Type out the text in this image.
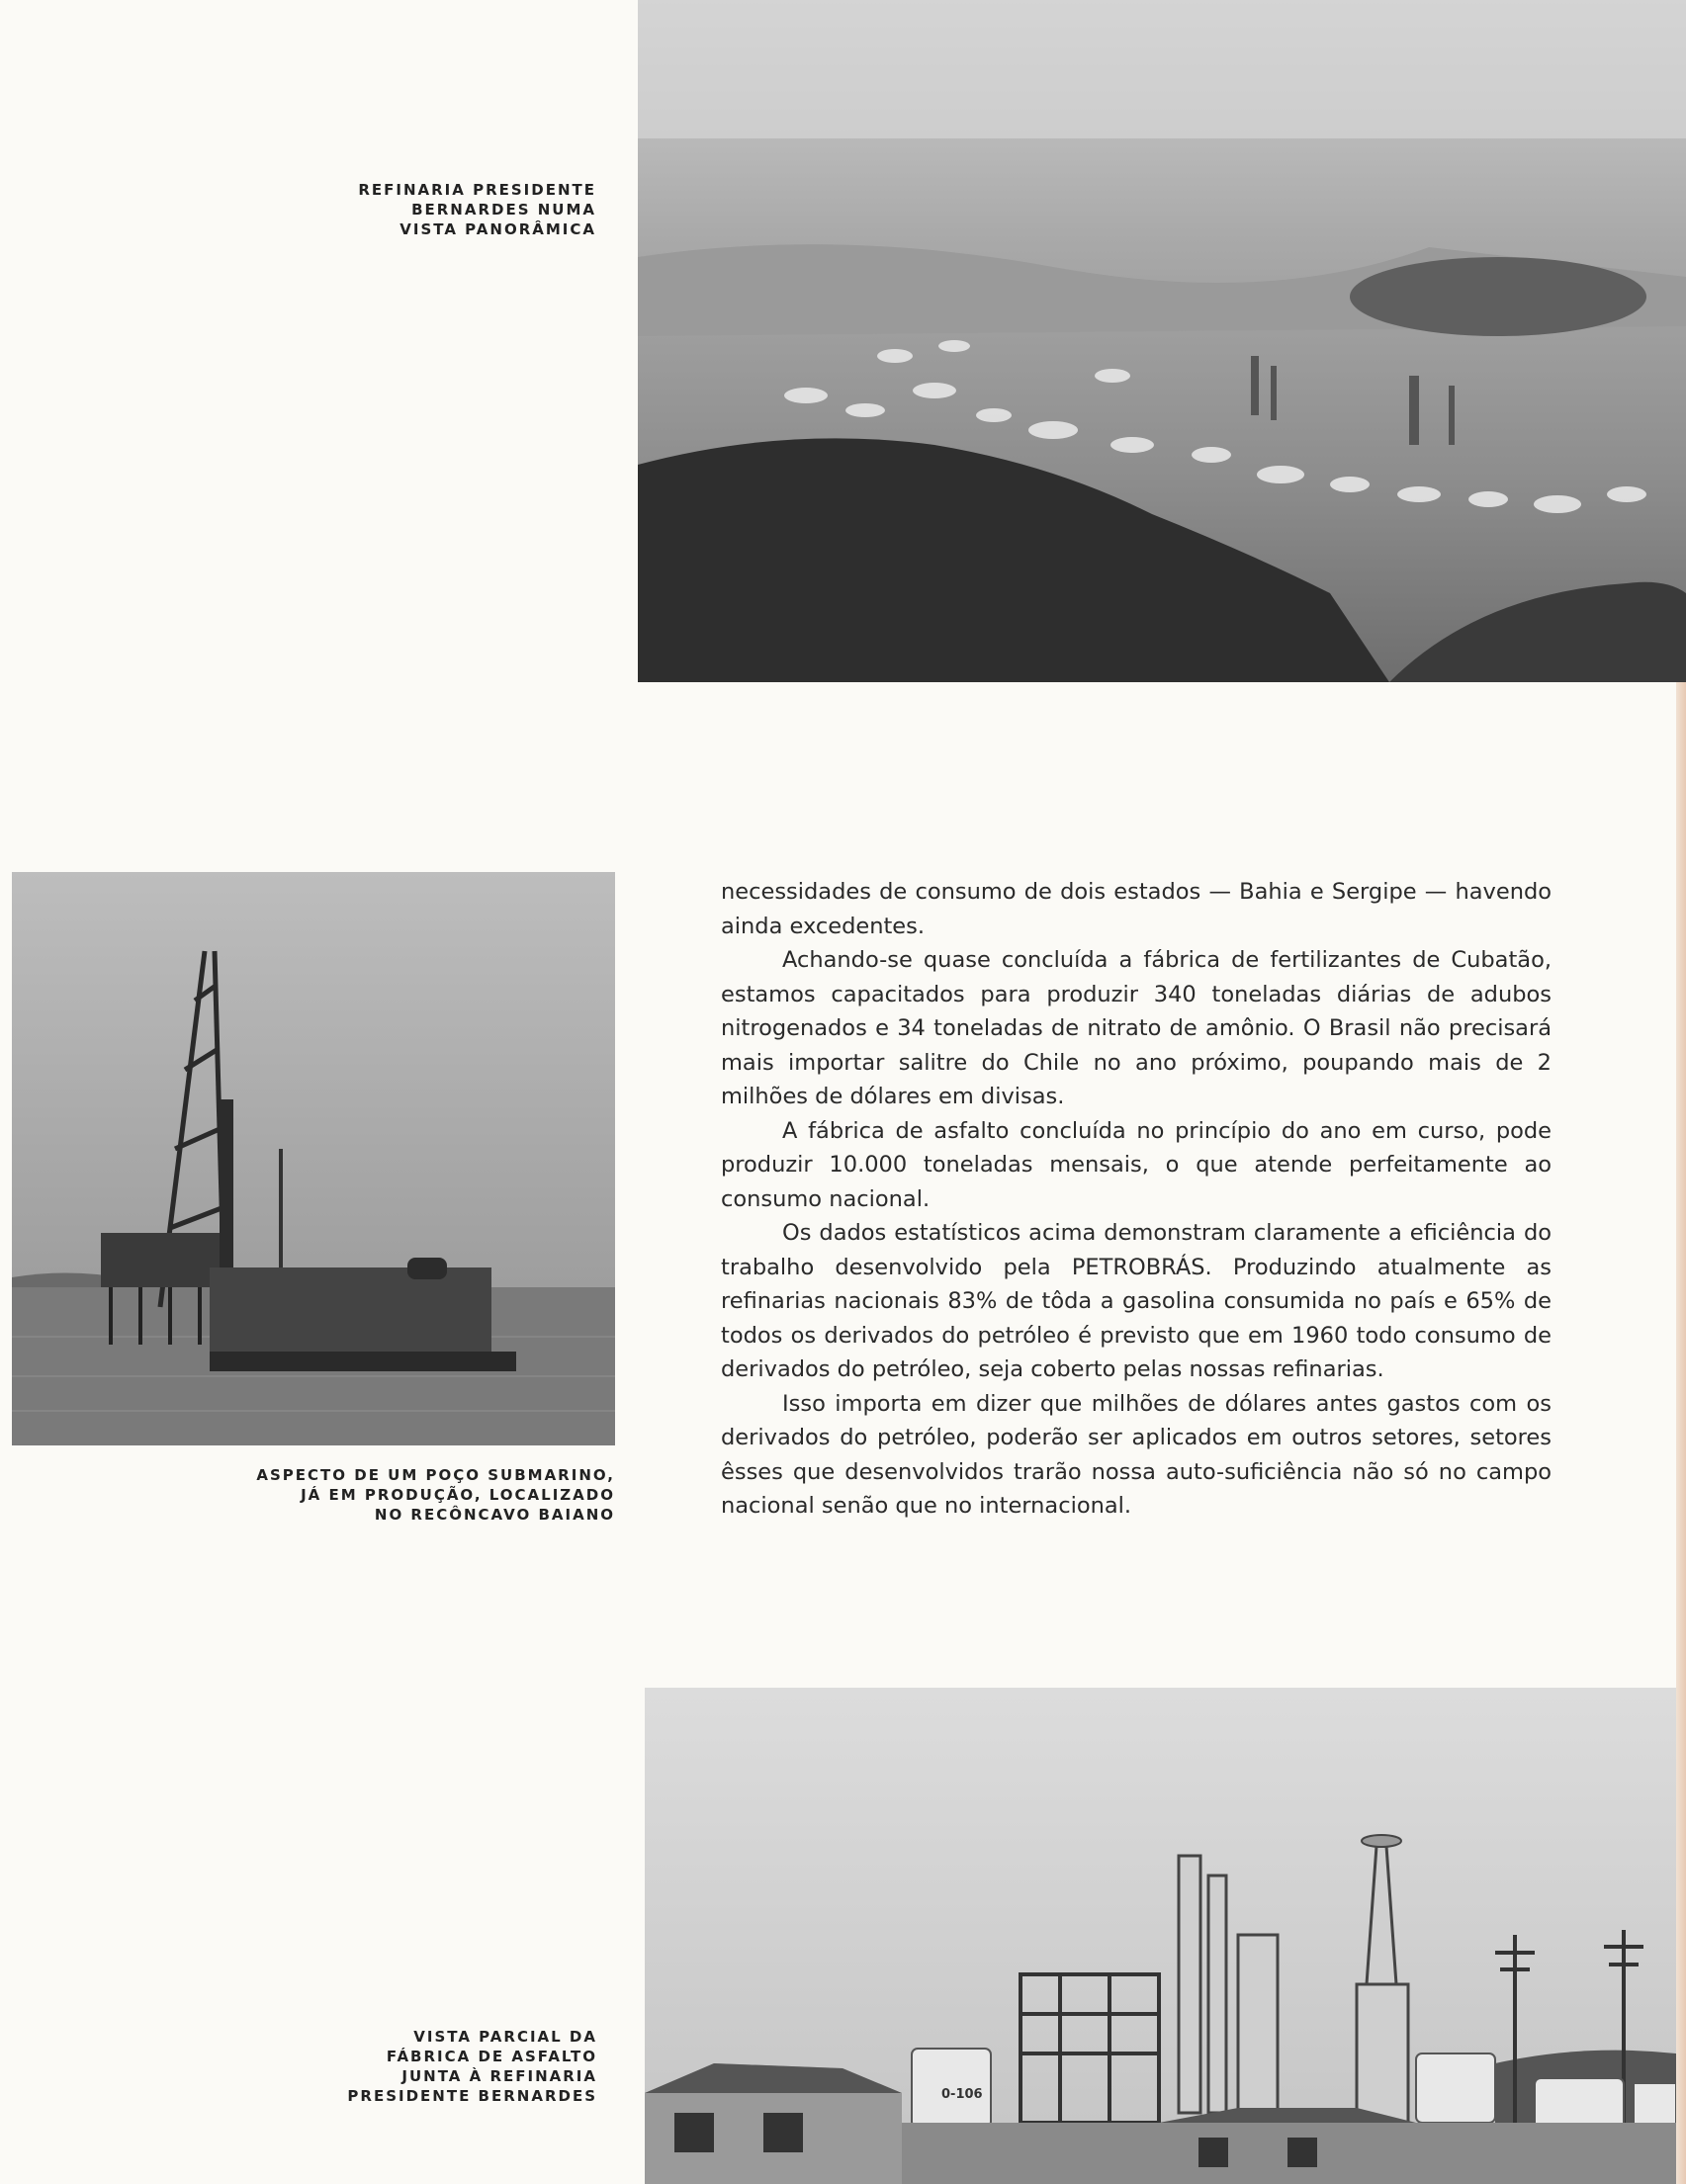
REFINARIA PRESIDENTE
BERNARDES NUMA
VISTA PANORÂMICA
ASPECTO DE UM POÇO SUBMARINO,
JÁ EM PRODUÇÃO, LOCALIZADO
NO RECÔNCAVO BAIANO

necessidades de consumo de dois estados — Bahia e Sergipe — havendo ainda excedentes.

Achando-se quase concluída a fábrica de fertilizantes de Cubatão, estamos capacitados para produzir 340 toneladas diárias de adubos nitrogenados e 34 toneladas de nitrato de amônio. O Brasil não precisará mais importar salitre do Chile no ano próximo, poupando mais de 2 milhões de dólares em divisas.

A fábrica de asfalto concluída no princípio do ano em curso, pode produzir 10.000 toneladas mensais, o que atende perfeitamente ao consumo nacional.

Os dados estatísticos acima demonstram claramente a eficiência do trabalho desenvolvido pela PETROBRÁS. Produzindo atualmente as refinarias nacionais 83% de tôda a gasolina consumida no país e 65% de todos os derivados do petróleo é previsto que em 1960 todo consumo de derivados do petróleo, seja coberto pelas nossas refinarias.

Isso importa em dizer que milhões de dólares antes gastos com os derivados do petróleo, poderão ser aplicados em outros setores, setores êsses que desenvolvidos trarão nossa auto-suficiência não só no campo nacional senão que no internacional.

VISTA PARCIAL DA
FÁBRICA DE ASFALTO
JUNTA À REFINARIA
PRESIDENTE BERNARDES	0-106
